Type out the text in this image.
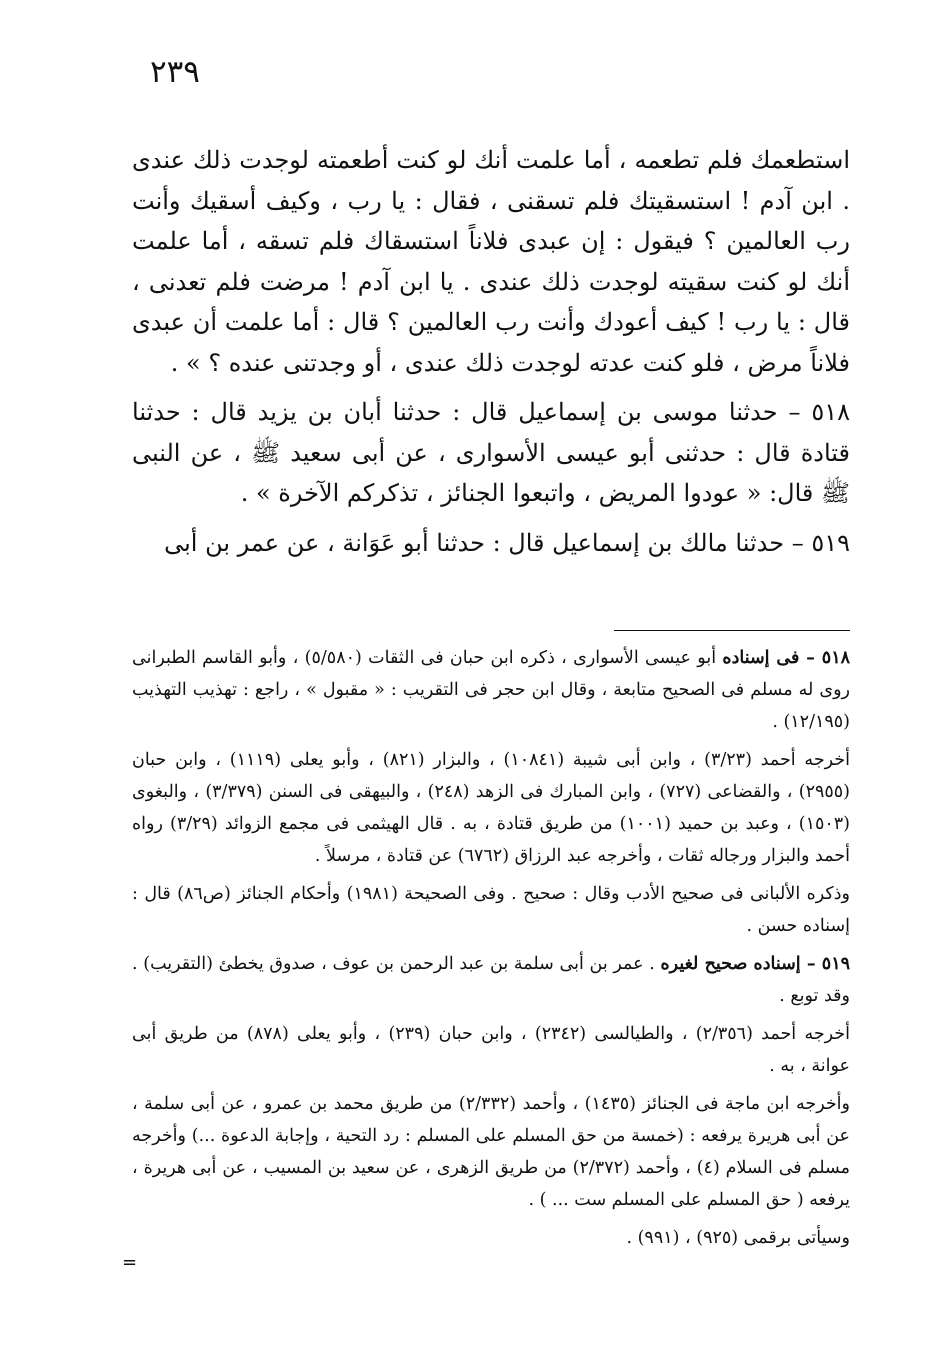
٢٣٩

استطعمك فلم تطعمه ، أما علمت أنك لو كنت أطعمته لوجدت ذلك عندى . ابن آدم ! استسقيتك فلم تسقنى ، فقال : يا رب ، وكيف أسقيك وأنت رب العالمين ؟ فيقول : إن عبدى فلاناً استسقاك فلم تسقه ، أما علمت أنك لو كنت سقيته لوجدت ذلك عندى . يا ابن آدم ! مرضت فلم تعدنى ، قال : يا رب ! كيف أعودك وأنت رب العالمين ؟ قال : أما علمت أن عبدى فلاناً مرض ، فلو كنت عدته لوجدت ذلك عندى ، أو وجدتنى عنده ؟ » .

٥١٨ – حدثنا موسى بن إسماعيل قال : حدثنا أبان بن يزيد قال : حدثنا قتادة قال : حدثنى أبو عيسى الأسوارى ، عن أبى سعيد ﷺ ، عن النبى ﷺ قال: « عودوا المريض ، واتبعوا الجنائز ، تذكركم الآخرة » .

٥١٩ – حدثنا مالك بن إسماعيل قال : حدثنا أبو عَوَانة ، عن عمر بن أبى

٥١٨ – فى إسناده أبو عيسى الأسوارى ، ذكره ابن حبان فى الثقات (٥/٥٨٠) ، وأبو القاسم الطبرانى روى له مسلم فى الصحيح متابعة ، وقال ابن حجر فى التقريب : « مقبول » ، راجع : تهذيب التهذيب (١٢/١٩٥) .

أخرجه أحمد (٣/٢٣) ، وابن أبى شيبة (١٠٨٤١) ، والبزار (٨٢١) ، وأبو يعلى (١١١٩) ، وابن حبان (٢٩٥٥) ، والقضاعى (٧٢٧) ، وابن المبارك فى الزهد (٢٤٨) ، والبيهقى فى السنن (٣/٣٧٩) ، والبغوى (١٥٠٣) ، وعبد بن حميد (١٠٠١) من طريق قتادة ، به . قال الهيثمى فى مجمع الزوائد (٣/٢٩) رواه أحمد والبزار ورجاله ثقات ، وأخرجه عبد الرزاق (٦٧٦٢) عن قتادة ، مرسلاً .

وذكره الألبانى فى صحيح الأدب وقال : صحيح . وفى الصحيحة (١٩٨١) وأحكام الجنائز (ص٨٦) قال : إسناده حسن .

٥١٩ – إسناده صحيح لغيره . عمر بن أبى سلمة بن عبد الرحمن بن عوف ، صدوق يخطئ (التقريب) . وقد توبع .

أخرجه أحمد (٢/٣٥٦) ، والطيالسى (٢٣٤٢) ، وابن حبان (٢٣٩) ، وأبو يعلى (٨٧٨) من طريق أبى عوانة ، به .

وأخرجه ابن ماجة فى الجنائز (١٤٣٥) ، وأحمد (٢/٣٣٢) من طريق محمد بن عمرو ، عن أبى سلمة ، عن أبى هريرة يرفعه : (خمسة من حق المسلم على المسلم : رد التحية ، وإجابة الدعوة ...) وأخرجه مسلم فى السلام (٤) ، وأحمد (٢/٣٧٢) من طريق الزهرى ، عن سعيد بن المسيب ، عن أبى هريرة ، يرفعه ( حق المسلم على المسلم ست ... ) .

وسيأتى برقمى (٩٢٥) ، (٩٩١) .

=
